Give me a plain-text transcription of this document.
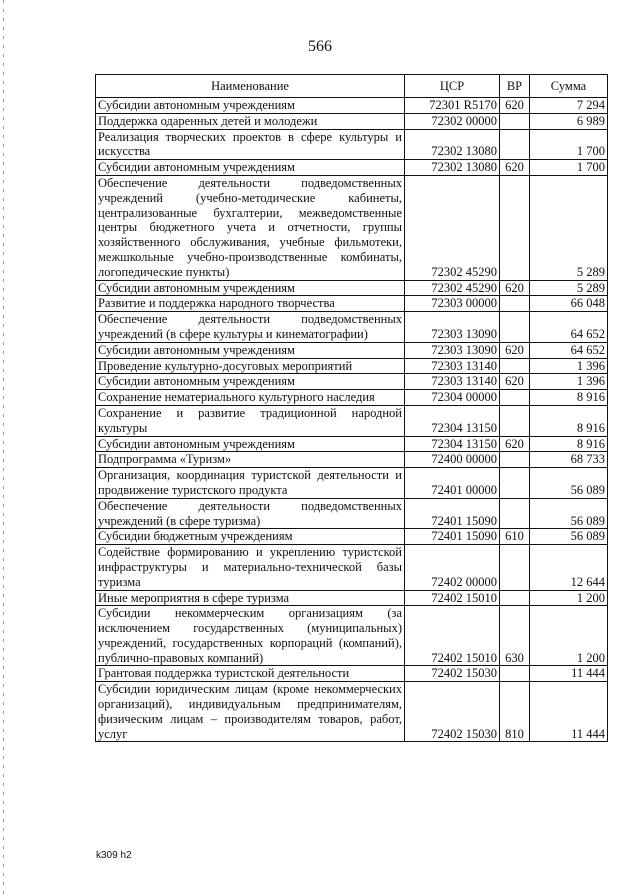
566
Наименование	ЦСР	ВР	Сумма
Субсидии автономным учреждениям	72301 R5170	620	7 294
Поддержка одаренных детей и молодежи	72302 00000		6 989
Реализация творческих проектов в сфере культуры и искусства	72302 13080		1 700
Субсидии автономным учреждениям	72302 13080	620	1 700
Обеспечение деятельности подведомственных учреждений (учебно-методические кабинеты, централизованные бухгалтерии, межведомственные центры бюджетного учета и отчетности, группы хозяйственного обслуживания, учебные фильмотеки, межшкольные учебно-производственные комбинаты, логопедические пункты)	72302 45290		5 289
Субсидии автономным учреждениям	72302 45290	620	5 289
Развитие и поддержка народного творчества	72303 00000		66 048
Обеспечение деятельности подведомственных учреждений (в сфере культуры и кинематографии)	72303 13090		64 652
Субсидии автономным учреждениям	72303 13090	620	64 652
Проведение культурно-досуговых мероприятий	72303 13140		1 396
Субсидии автономным учреждениям	72303 13140	620	1 396
Сохранение нематериального культурного наследия	72304 00000		8 916
Сохранение и развитие традиционной народной культуры	72304 13150		8 916
Субсидии автономным учреждениям	72304 13150	620	8 916
Подпрограмма «Туризм»	72400 00000		68 733
Организация, координация туристской деятельности и продвижение туристского продукта	72401 00000		56 089
Обеспечение деятельности подведомственных учреждений (в сфере туризма)	72401 15090		56 089
Субсидии бюджетным учреждениям	72401 15090	610	56 089
Содействие формированию и укреплению туристской инфраструктуры и материально-технической базы туризма	72402 00000		12 644
Иные мероприятия в сфере туризма	72402 15010		1 200
Субсидии некоммерческим организациям (за исключением государственных (муниципальных) учреждений, государственных корпораций (компаний), публично-правовых компаний)	72402 15010	630	1 200
Грантовая поддержка туристской деятельности	72402 15030		11 444
Субсидии юридическим лицам (кроме некоммерческих организаций), индивидуальным предпринимателям, физическим лицам – производителям товаров, работ, услуг	72402 15030	810	11 444
k309 h2
